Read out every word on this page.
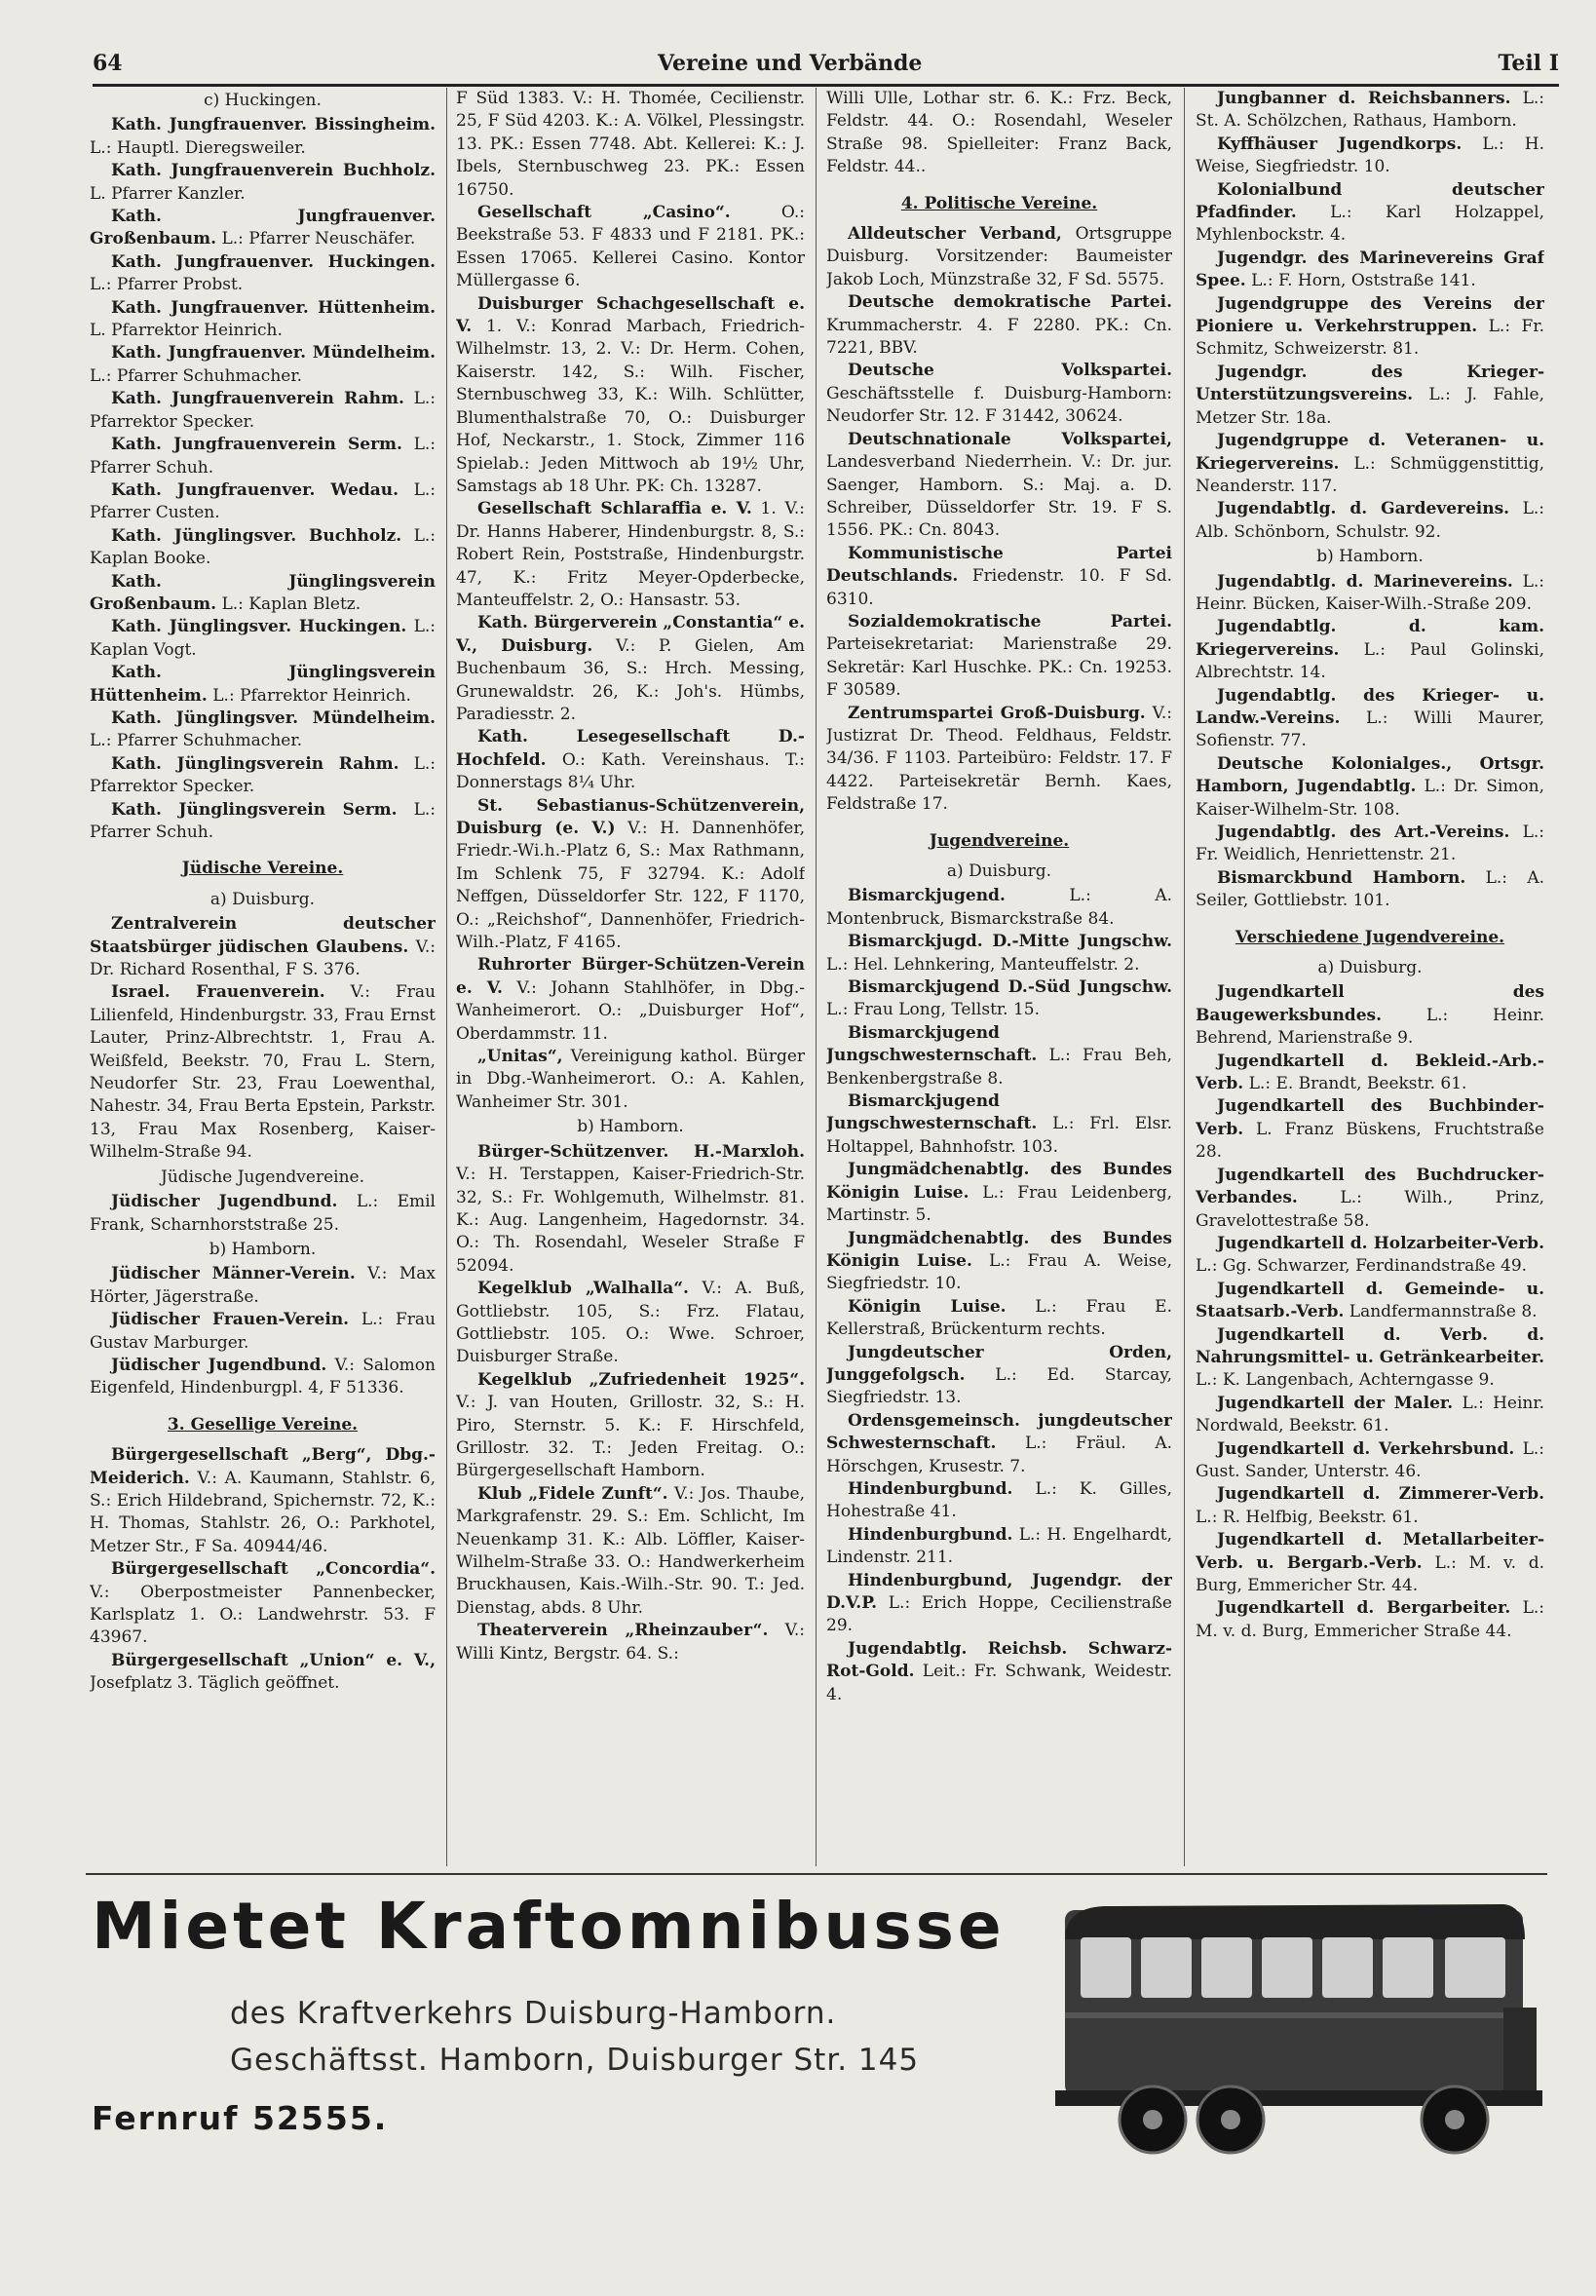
64	Vereine und Verbände	Teil I

c) Huckingen.

Kath. Jungfrauenver. Bissingheim. L.: Hauptl. Dieregsweiler.

Kath. Jungfrauenverein Buchholz. L. Pfarrer Kanzler.

Kath. Jungfrauenver. Großenbaum. L.: Pfarrer Neuschäfer.

Kath. Jungfrauenver. Huckingen. L.: Pfarrer Probst.

Kath. Jungfrauenver. Hüttenheim. L. Pfarrektor Heinrich.

Kath. Jungfrauenver. Mündelheim. L.: Pfarrer Schuhmacher.

Kath. Jungfrauenverein Rahm. L.: Pfarrektor Specker.

Kath. Jungfrauenverein Serm. L.: Pfarrer Schuh.

Kath. Jungfrauenver. Wedau. L.: Pfarrer Custen.

Kath. Jünglingsver. Buchholz. L.: Kaplan Booke.

Kath. Jünglingsverein Großenbaum. L.: Kaplan Bletz.

Kath. Jünglingsver. Huckingen. L.: Kaplan Vogt.

Kath. Jünglingsverein Hüttenheim. L.: Pfarrektor Heinrich.

Kath. Jünglingsver. Mündelheim. L.: Pfarrer Schuhmacher.

Kath. Jünglingsverein Rahm. L.: Pfarrektor Specker.

Kath. Jünglingsverein Serm. L.: Pfarrer Schuh.

Jüdische Vereine.

a) Duisburg.

Zentralverein deutscher Staatsbürger jüdischen Glaubens. V.: Dr. Richard Rosenthal, F S. 376.

Israel. Frauenverein. V.: Frau Lilienfeld, Hindenburgstr. 33, Frau Ernst Lauter, Prinz-Albrechtstr. 1, Frau A. Weißfeld, Beekstr. 70, Frau L. Stern, Neudorfer Str. 23, Frau Loewenthal, Nahestr. 34, Frau Berta Epstein, Parkstr. 13, Frau Max Rosenberg, Kaiser-Wilhelm-Straße 94.

Jüdische Jugendvereine.

Jüdischer Jugendbund. L.: Emil Frank, Scharnhorststraße 25.

b) Hamborn.

Jüdischer Männer-Verein. V.: Max Hörter, Jägerstraße.

Jüdischer Frauen-Verein. L.: Frau Gustav Marburger.

Jüdischer Jugendbund. V.: Salomon Eigenfeld, Hindenburgpl. 4, F 51336.

3. Gesellige Vereine.

Bürgergesellschaft „Berg“, Dbg.-Meiderich. V.: A. Kaumann, Stahlstr. 6, S.: Erich Hildebrand, Spichernstr. 72, K.: H. Thomas, Stahlstr. 26, O.: Parkhotel, Metzer Str., F Sa. 40944/46.

Bürgergesellschaft „Concordia“. V.: Oberpostmeister Pannenbecker, Karlsplatz 1. O.: Landwehrstr. 53. F 43967.

Bürgergesellschaft „Union“ e. V., Josefplatz 3. Täglich geöffnet.

F Süd 1383. V.: H. Thomée, Cecilienstr. 25, F Süd 4203. K.: A. Völkel, Plessingstr. 13. PK.: Essen 7748. Abt. Kellerei: K.: J. Ibels, Sternbuschweg 23. PK.: Essen 16750.

Gesellschaft „Casino“.	O.: Beekstraße 53. F 4833 und F 2181. PK.: Essen 17065. Kellerei Casino. Kontor Müllergasse 6.

Duisburger Schachgesellschaft e. V. 1. V.: Konrad Marbach, Friedrich-Wilhelmstr. 13, 2. V.: Dr. Herm. Cohen, Kaiserstr. 142, S.: Wilh. Fischer, Sternbuschweg 33, K.: Wilh. Schlütter, Blumenthalstraße 70, O.: Duisburger Hof, Neckarstr., 1. Stock, Zimmer 116 Spielab.: Jeden Mittwoch ab 19½ Uhr, Samstags ab 18 Uhr. PK: Ch. 13287.

Gesellschaft Schlaraffia e. V. 1. V.: Dr. Hanns Haberer, Hindenburgstr. 8, S.: Robert Rein, Poststraße, Hindenburgstr. 47, K.: Fritz Meyer-Opderbecke, Manteuffelstr. 2, O.: Hansastr. 53.

Kath. Bürgerverein „Constantia“ e. V., Duisburg. V.: P. Gielen, Am Buchenbaum 36, S.: Hrch. Messing, Grunewaldstr. 26, K.: Joh's. Hümbs, Paradiesstr. 2.

Kath. Lesegesellschaft D.-Hochfeld. O.: Kath. Vereinshaus. T.: Donnerstags 8¼ Uhr.

St. Sebastianus-Schützenverein, Duisburg (e. V.) V.: H. Dannenhöfer, Friedr.-Wi.h.-Platz 6, S.: Max Rathmann, Im Schlenk 75, F 32794. K.: Adolf Neffgen, Düsseldorfer Str. 122, F 1170, O.: „Reichshof“, Dannenhöfer, Friedrich-Wilh.-Platz, F 4165.

Ruhrorter Bürger-Schützen-Verein e. V. V.: Johann Stahlhöfer, in Dbg.-Wanheimerort. O.: „Duisburger Hof“, Oberdammstr. 11.

„Unitas“, Vereinigung kathol. Bürger in Dbg.-Wanheimerort. O.: A. Kahlen, Wanheimer Str. 301.

b) Hamborn.

Bürger-Schützenver. H.-Marxloh. V.: H. Terstappen, Kaiser-Friedrich-Str. 32, S.: Fr. Wohlgemuth, Wilhelmstr. 81. K.: Aug. Langenheim, Hagedornstr. 34. O.: Th. Rosendahl, Weseler Straße F 52094.

Kegelklub „Walhalla“. V.: A. Buß, Gottliebstr. 105, S.: Frz. Flatau, Gottliebstr. 105. O.: Wwe. Schroer, Duisburger Straße.

Kegelklub „Zufriedenheit 1925“. V.: J. van Houten, Grillostr. 32, S.: H. Piro, Sternstr. 5. K.: F. Hirschfeld, Grillostr. 32. T.: Jeden Freitag. O.: Bürgergesellschaft Hamborn.

Klub „Fidele Zunft“. V.: Jos. Thaube, Markgrafenstr. 29. S.: Em. Schlicht, Im Neuenkamp 31. K.: Alb. Löffler, Kaiser-Wilhelm-Straße 33. O.: Handwerkerheim Bruckhausen, Kais.-Wilh.-Str. 90. T.: Jed. Dienstag, abds. 8 Uhr.

Theaterverein „Rheinzauber“. V.: Willi Kintz, Bergstr. 64. S.:

Willi Ulle, Lothar str. 6. K.: Frz. Beck, Feldstr. 44. O.: Rosendahl, Weseler Straße 98. Spielleiter: Franz Back, Feldstr. 44..

4. Politische Vereine.

Alldeutscher Verband, Ortsgruppe Duisburg. Vorsitzender: Baumeister Jakob Loch, Münzstraße 32, F Sd. 5575.

Deutsche demokratische Partei. Krummacherstr. 4. F 2280. PK.: Cn. 7221, BBV.

Deutsche Volkspartei. Geschäftsstelle f. Duisburg-Hamborn: Neudorfer Str. 12. F 31442, 30624.

Deutschnationale Volkspartei, Landesverband Niederrhein. V.: Dr. jur. Saenger, Hamborn. S.: Maj. a. D. Schreiber, Düsseldorfer Str. 19. F S. 1556. PK.: Cn. 8043.

Kommunistische Partei Deutschlands. Friedenstr. 10. F Sd. 6310.

Sozialdemokratische Partei. Parteisekretariat: Marienstraße 29. Sekretär: Karl Huschke. PK.: Cn. 19253. F 30589.

Zentrumspartei Groß-Duisburg. V.: Justizrat Dr. Theod. Feldhaus, Feldstr. 34/36. F 1103. Parteibüro: Feldstr. 17. F 4422. Parteisekretär Bernh. Kaes, Feldstraße 17.

Jugendvereine.

a) Duisburg.

Bismarckjugend.	L.: A. Montenbruck, Bismarckstraße 84.

Bismarckjugd. D.-Mitte Jungschw. L.: Hel. Lehnkering, Manteuffelstr. 2.

Bismarckjugend D.-Süd Jungschw. L.: Frau Long, Tellstr. 15.

Bismarckjugend Jungschwesternschaft. L.: Frau Beh, Benkenbergstraße 8.

Bismarckjugend Jungschwesternschaft. L.: Frl. Elsr. Holtappel, Bahnhofstr. 103.

Jungmädchenabtlg. des Bundes Königin Luise. L.: Frau Leidenberg, Martinstr. 5.

Jungmädchenabtlg. des Bundes Königin Luise. L.: Frau A. Weise, Siegfriedstr. 10.

Königin Luise. L.: Frau E. Kellerstraß, Brückenturm rechts.

Jungdeutscher Orden, Junggefolgsch. L.: Ed. Starcay, Siegfriedstr. 13.

Ordensgemeinsch. jungdeutscher Schwesternschaft. L.: Fräul. A. Hörschgen, Krusestr. 7.

Hindenburgbund. L.: K. Gilles, Hohestraße 41.

Hindenburgbund. L.: H. Engelhardt, Lindenstr. 211.

Hindenburgbund, Jugendgr. der D.V.P. L.: Erich Hoppe, Cecilienstraße 29.

Jugendabtlg. Reichsb. Schwarz-Rot-Gold. Leit.: Fr. Schwank, Weidestr. 4.

Jungbanner d. Reichsbanners. L.: St. A. Schölzchen, Rathaus, Hamborn.

Kyffhäuser Jugendkorps. L.: H. Weise, Siegfriedstr. 10.

Kolonialbund deutscher Pfadfinder. L.: Karl Holzappel, Myhlenbockstr. 4.

Jugendgr. des Marinevereins Graf Spee. L.: F. Horn, Oststraße 141.

Jugendgruppe des Vereins der Pioniere u. Verkehrstruppen. L.: Fr. Schmitz, Schweizerstr. 81.

Jugendgr. des Krieger-Unterstützungsvereins. L.: J. Fahle, Metzer Str. 18a.

Jugendgruppe d. Veteranen- u. Kriegervereins. L.: Schmüggenstittig, Neanderstr. 117.

Jugendabtlg. d. Gardevereins. L.: Alb. Schönborn, Schulstr. 92.

b) Hamborn.

Jugendabtlg. d. Marinevereins. L.: Heinr. Bücken, Kaiser-Wilh.-Straße 209.

Jugendabtlg. d. kam. Kriegervereins. L.: Paul Golinski, Albrechtstr. 14.

Jugendabtlg. des Krieger- u. Landw.-Vereins. L.: Willi Maurer, Sofienstr. 77.

Deutsche Kolonialges., Ortsgr. Hamborn, Jugendabtlg. L.: Dr. Simon, Kaiser-Wilhelm-Str. 108.

Jugendabtlg. des Art.-Vereins. L.: Fr. Weidlich, Henriettenstr. 21.

Bismarckbund Hamborn. L.: A. Seiler, Gottliebstr. 101.

Verschiedene Jugendvereine.

a) Duisburg.

Jugendkartell des Baugewerksbundes.	L.: Heinr. Behrend, Marienstraße 9.

Jugendkartell d. Bekleid.-Arb.-Verb. L.: E. Brandt, Beekstr. 61.

Jugendkartell des Buchbinder-Verb. L. Franz Büskens, Fruchtstraße 28.

Jugendkartell des Buchdrucker-Verbandes.	L.: Wilh., Prinz, Gravelottestraße 58.

Jugendkartell d. Holzarbeiter-Verb. L.: Gg. Schwarzer, Ferdinandstraße 49.

Jugendkartell d. Gemeinde- u. Staatsarb.-Verb. Landfermannstraße 8.

Jugendkartell d. Verb. d. Nahrungsmittel- u. Getränkearbeiter. L.: K. Langenbach, Achterngasse 9.

Jugendkartell der Maler. L.: Heinr. Nordwald, Beekstr. 61.

Jugendkartell d. Verkehrsbund. L.: Gust. Sander, Unterstr. 46.

Jugendkartell d. Zimmerer-Verb. L.: R. Helfbig, Beekstr. 61.

Jugendkartell d. Metallarbeiter-Verb. u. Bergarb.-Verb. L.: M. v. d. Burg, Emmericher Str. 44.

Jugendkartell d. Bergarbeiter. L.: M. v. d. Burg, Emmericher Straße 44.

Mietet Kraftomnibusse
des Kraftverkehrs Duisburg-Hamborn.
Geschäftsst. Hamborn, Duisburger Str. 145
Fernruf 52555.
